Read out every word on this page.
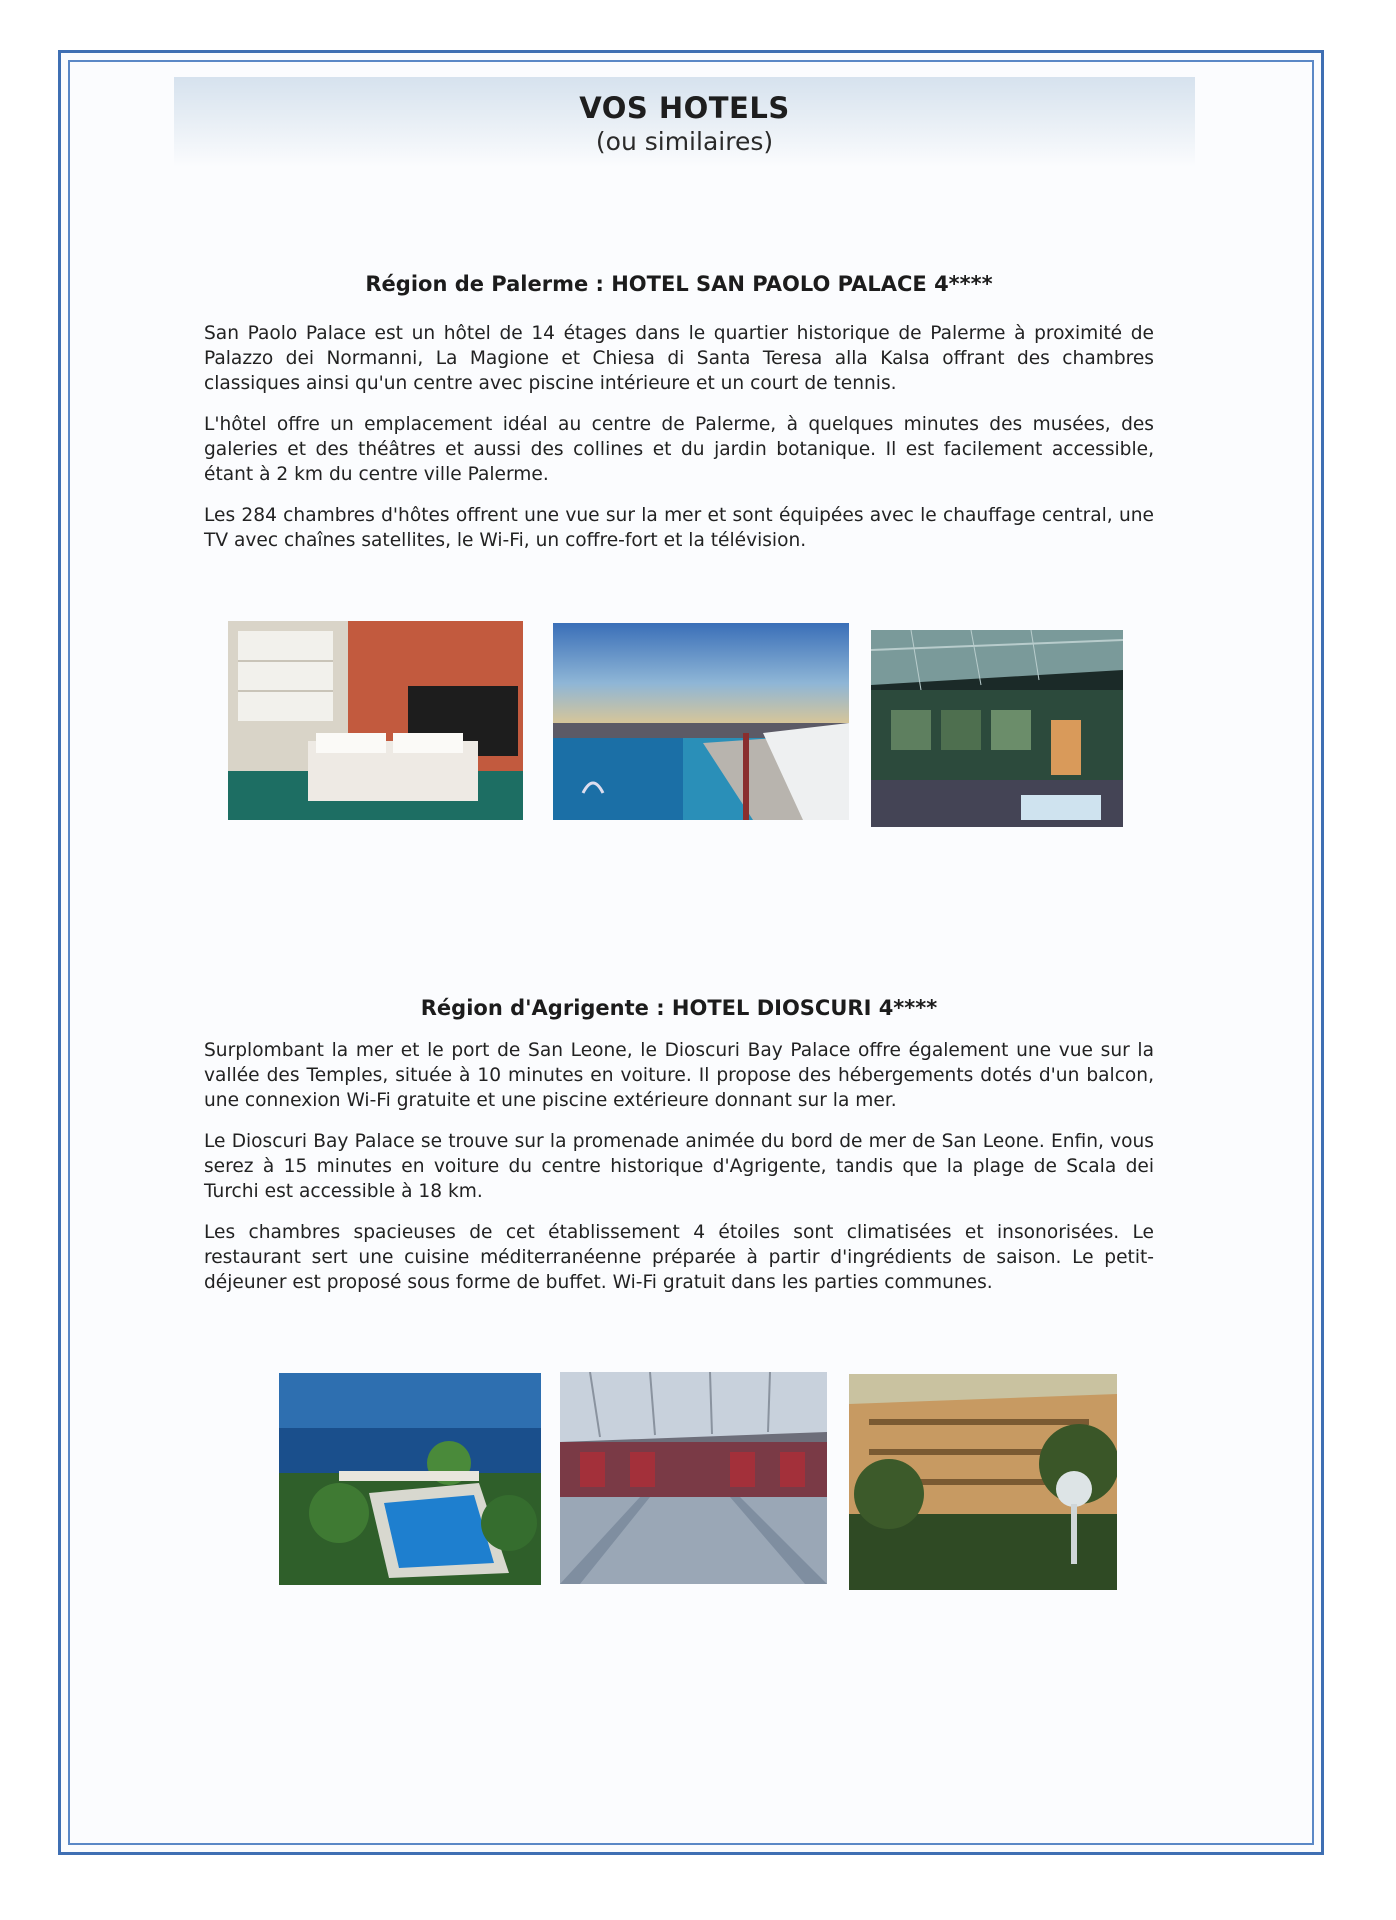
VOS HOTELS
(ou similaires)
Région de Palerme : HOTEL SAN PAOLO PALACE 4****

San Paolo Palace est un hôtel de 14 étages dans le quartier historique de Palerme à proximité de Palazzo dei Normanni, La Magione et Chiesa di Santa Teresa alla Kalsa offrant des chambres classiques ainsi qu'un centre avec piscine intérieure et un court de tennis.

L'hôtel offre un emplacement idéal au centre de Palerme, à quelques minutes des musées, des galeries et des théâtres et aussi des collines et du jardin botanique. Il est facilement accessible, étant à 2 km du centre ville Palerme.

Les 284 chambres d'hôtes offrent une vue sur la mer et sont équipées avec le chauffage central, une TV avec chaînes satellites, le Wi-Fi, un coffre-fort et la télévision.

Région d'Agrigente : HOTEL DIOSCURI 4****

Surplombant la mer et le port de San Leone, le Dioscuri Bay Palace offre également une vue sur la vallée des Temples, située à 10 minutes en voiture. Il propose des hébergements dotés d'un balcon, une connexion Wi-Fi gratuite et une piscine extérieure donnant sur la mer.

Le Dioscuri Bay Palace se trouve sur la promenade animée du bord de mer de San Leone. Enfin, vous serez à 15 minutes en voiture du centre historique d'Agrigente, tandis que la plage de Scala dei Turchi est accessible à 18 km.

Les chambres spacieuses de cet établissement 4 étoiles sont climatisées et insonorisées. Le restaurant sert une cuisine méditerranéenne préparée à partir d'ingrédients de saison. Le petit-déjeuner est proposé sous forme de buffet. Wi-Fi gratuit dans les parties communes.
